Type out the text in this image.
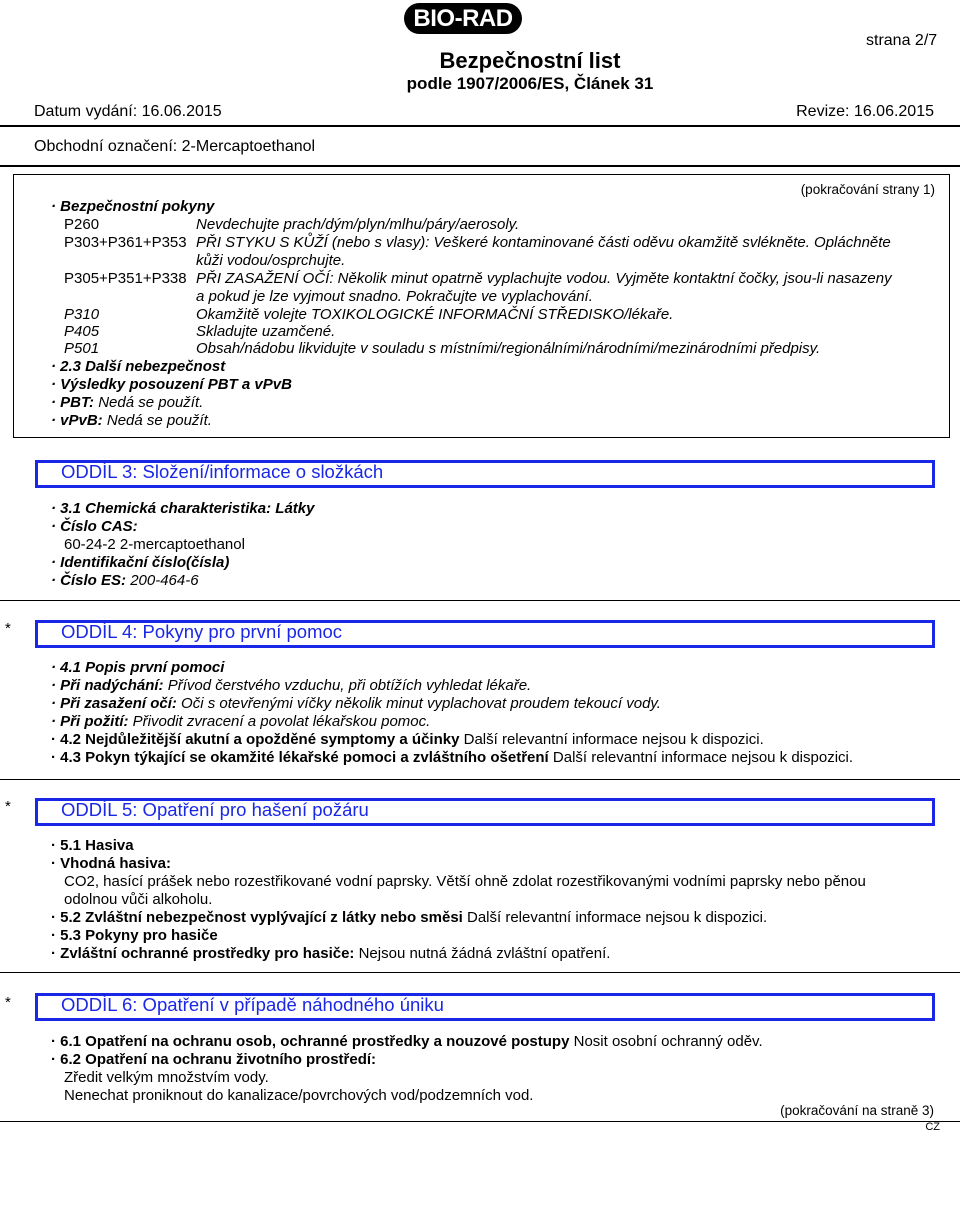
BIO-RAD
strana 2/7
Bezpečnostní list
podle 1907/2006/ES, Článek 31
Datum vydání: 16.06.2015	Revize: 16.06.2015
Obchodní označení: 2-Mercaptoethanol
(pokračování strany 1)
· Bezpečnostní pokyny
P260	Nevdechujte prach/dým/plyn/mlhu/páry/aerosoly.
P303+P361+P353 PŘI STYKU S KŮŽÍ (nebo s vlasy): Veškeré kontaminované části oděvu okamžitě svlékněte. Opláchněte
kůži vodou/osprchujte.
P305+P351+P338 PŘI ZASAŽENÍ OČÍ: Několik minut opatrně vyplachujte vodou. Vyjměte kontaktní čočky, jsou-li nasazeny
a pokud je lze vyjmout snadno. Pokračujte ve vyplachování.
P310	Okamžitě volejte TOXIKOLOGICKÉ INFORMAČNÍ STŘEDISKO/lékaře.
P405	Skladujte uzamčené.
P501	Obsah/nádobu likvidujte v souladu s místními/regionálními/národními/mezinárodními předpisy.
· 2.3 Další nebezpečnost
· Výsledky posouzení PBT a vPvB
· PBT: Nedá se použít.
· vPvB: Nedá se použít.
ODDÍL 3: Složení/informace o složkách
· 3.1 Chemická charakteristika: Látky
· Číslo CAS:
60-24-2 2-mercaptoethanol
· Identifikační číslo(čísla)
· Číslo ES: 200-464-6
*	ODDÍL 4: Pokyny pro první pomoc
· 4.1 Popis první pomoci
· Při nadýchání: Přívod čerstvého vzduchu, při obtížích vyhledat lékaře.
· Při zasažení očí: Oči s otevřenými víčky několik minut vyplachovat proudem tekoucí vody.
· Při požití: Přivodit zvracení a povolat lékařskou pomoc.
· 4.2 Nejdůležitější akutní a opožděné symptomy a účinky Další relevantní informace nejsou k dispozici.
· 4.3 Pokyn týkající se okamžité lékařské pomoci a zvláštního ošetření Další relevantní informace nejsou k dispozici.
*	ODDÍL 5: Opatření pro hašení požáru
· 5.1 Hasiva
· Vhodná hasiva:
CO2, hasící prášek nebo rozestřikované vodní paprsky. Větší ohně zdolat rozestřikovanými vodními paprsky nebo pěnou
odolnou vůči alkoholu.
· 5.2 Zvláštní nebezpečnost vyplývající z látky nebo směsi Další relevantní informace nejsou k dispozici.
· 5.3 Pokyny pro hasiče
· Zvláštní ochranné prostředky pro hasiče: Nejsou nutná žádná zvláštní opatření.
*	ODDÍL 6: Opatření v případě náhodného úniku
· 6.1 Opatření na ochranu osob, ochranné prostředky a nouzové postupy Nosit osobní ochranný oděv.
· 6.2 Opatření na ochranu životního prostředí:
Zředit velkým množstvím vody.
Nenechat proniknout do kanalizace/povrchových vod/podzemních vod.
(pokračování na straně 3)
CZ
